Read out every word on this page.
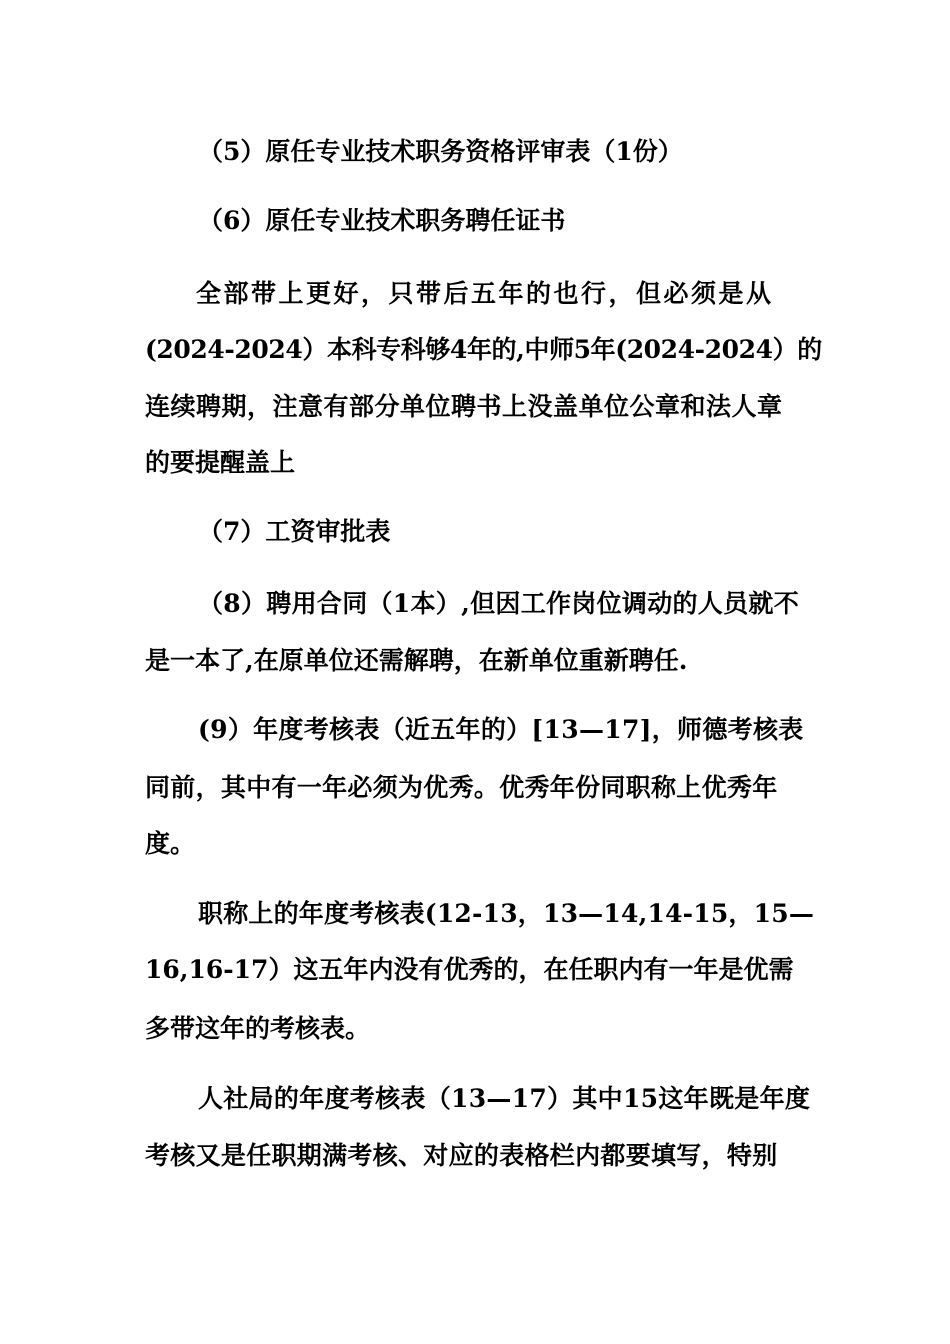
（5）原任专业技术职务资格评审表（1份）
（6）原任专业技术职务聘任证书
全部带上更好，只带后五年的也行，但必须是从
(2024-2024）本科专科够4年的,中师5年(2024-2024）的
连续聘期，注意有部分单位聘书上没盖单位公章和法人章
的要提醒盖上
（7）工资审批表
（8）聘用合同（1本）,但因工作岗位调动的人员就不
是一本了,在原单位还需解聘，在新单位重新聘任.
(9）年度考核表（近五年的）[13—17]，师德考核表
同前，其中有一年必须为优秀。优秀年份同职称上优秀年
度。
职称上的年度考核表(12-13，13—14,14-15，15—
16,16-17）这五年内没有优秀的，在任职内有一年是优需
多带这年的考核表。
人社局的年度考核表（13—17）其中15这年既是年度
考核又是任职期满考核、对应的表格栏内都要填写，特别
